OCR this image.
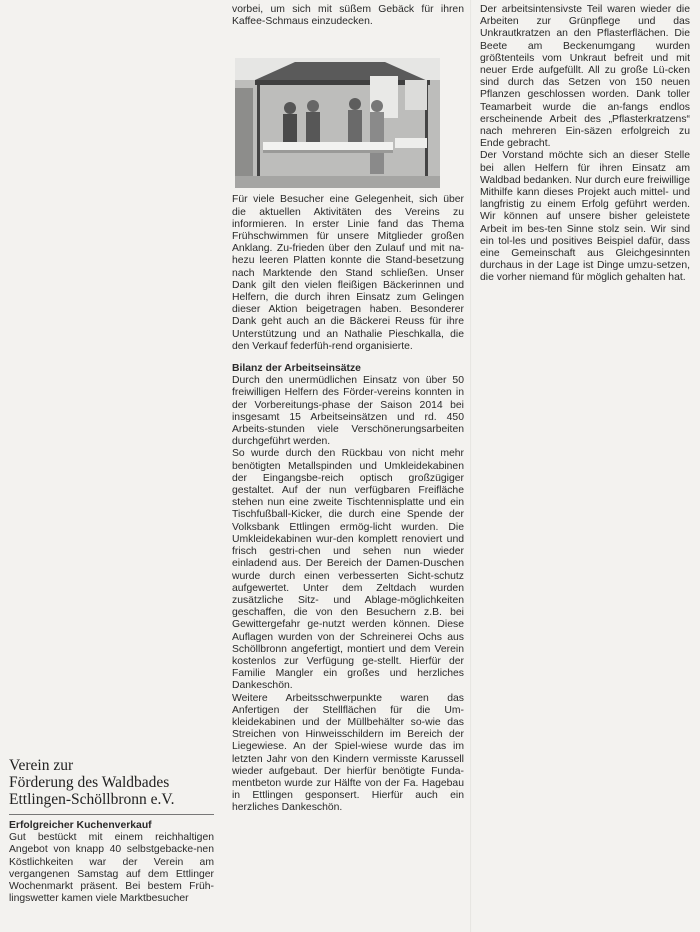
Verein zur
Förderung des Waldbades
Ettlingen-Schöllbronn e.V.

Erfolgreicher Kuchenverkauf

Gut bestückt mit einem reichhaltigen Angebot von knapp 40 selbstgebacke-nen Köstlichkeiten war der Verein am vergangenen Samstag auf dem Ettlinger Wochenmarkt präsent. Bei bestem Früh-lingswetter kamen viele Marktbesucher

vorbei, um sich mit süßem Gebäck für ihren Kaffee-Schmaus einzudecken.

Für viele Besucher eine Gelegenheit, sich über die aktuellen Aktivitäten des Vereins zu informieren. In erster Linie fand das Thema Frühschwimmen für unsere Mitglieder großen Anklang. Zu-frieden über den Zulauf und mit na-hezu leeren Platten konnte die Stand-besetzung nach Marktende den Stand schließen. Unser Dank gilt den vielen fleißigen Bäckerinnen und Helfern, die durch ihren Einsatz zum Gelingen dieser Aktion beigetragen haben. Besonderer Dank geht auch an die Bäckerei Reuss für ihre Unterstützung und an Nathalie Pieschkalla, die den Verkauf federfüh-rend organisierte.

Bilanz der Arbeitseinsätze

Durch den unermüdlichen Einsatz von über 50 freiwilligen Helfern des Förder-vereins konnten in der Vorbereitungs-phase der Saison 2014 bei insgesamt 15 Arbeitseinsätzen und rd. 450 Arbeits-stunden viele Verschönerungsarbeiten durchgeführt werden.

So wurde durch den Rückbau von nicht mehr benötigten Metallspinden und Umkleidekabinen der Eingangsbe-reich optisch großzügiger gestaltet. Auf der nun verfügbaren Freifläche stehen nun eine zweite Tischtennisplatte und ein Tischfußball-Kicker, die durch eine Spende der Volksbank Ettlingen ermög-licht wurden. Die Umkleidekabinen wur-den komplett renoviert und frisch gestri-chen und sehen nun wieder einladend aus. Der Bereich der Damen-Duschen wurde durch einen verbesserten Sicht-schutz aufgewertet. Unter dem Zeltdach wurden zusätzliche Sitz- und Ablage-möglichkeiten geschaffen, die von den Besuchern z.B. bei Gewittergefahr ge-nutzt werden können. Diese Auflagen wurden von der Schreinerei Ochs aus Schöllbronn angefertigt, montiert und dem Verein kostenlos zur Verfügung ge-stellt. Hierfür der Familie Mangler ein großes und herzliches Dankeschön.

Weitere Arbeitsschwerpunkte waren das Anfertigen der Stellflächen für die Um-kleidekabinen und der Müllbehälter so-wie das Streichen von Hinweisschildern im Bereich der Liegewiese. An der Spiel-wiese wurde das im letzten Jahr von den Kindern vermisste Karussell wieder aufgebaut. Der hierfür benötigte Funda-mentbeton wurde zur Hälfte von der Fa. Hagebau in Ettlingen gesponsert. Hierfür auch ein herzliches Dankeschön.

Der arbeitsintensivste Teil waren wieder die Arbeiten zur Grünpflege und das Unkrautkratzen an den Pflasterflächen. Die Beete am Beckenumgang wurden größtenteils vom Unkraut befreit und mit neuer Erde aufgefüllt. All zu große Lü-cken sind durch das Setzen von 150 neuen Pflanzen geschlossen worden. Dank toller Teamarbeit wurde die an-fangs endlos erscheinende Arbeit des „Pflasterkratzens“ nach mehreren Ein-säzen erfolgreich zu Ende gebracht.

Der Vorstand möchte sich an dieser Stelle bei allen Helfern für ihren Einsatz am Waldbad bedanken. Nur durch eure freiwillige Mithilfe kann dieses Projekt auch mittel- und langfristig zu einem Erfolg geführt werden. Wir können auf unsere bisher geleistete Arbeit im bes-ten Sinne stolz sein. Wir sind ein tol-les und positives Beispiel dafür, dass eine Gemeinschaft aus Gleichgesinnten durchaus in der Lage ist Dinge umzu-setzen, die vorher niemand für möglich gehalten hat.
